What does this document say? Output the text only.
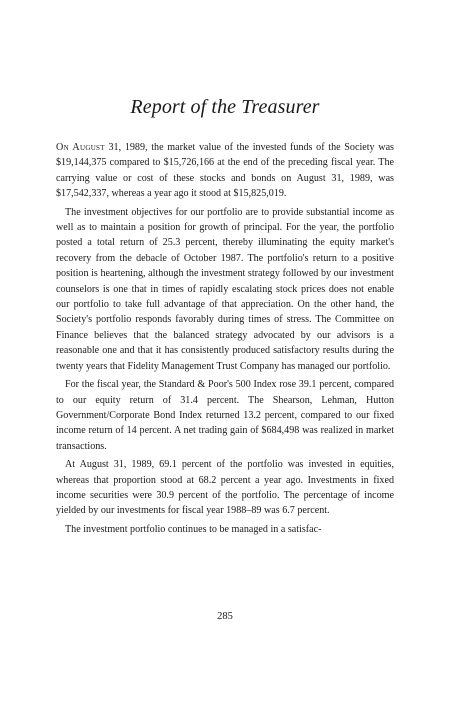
Report of the Treasurer

On August 31, 1989, the market value of the invested funds of the Society was $19,144,375 compared to $15,726,166 at the end of the preceding fiscal year. The carrying value or cost of these stocks and bonds on August 31, 1989, was $17,542,337, whereas a year ago it stood at $15,825,019.

The investment objectives for our portfolio are to provide substantial income as well as to maintain a position for growth of principal. For the year, the portfolio posted a total return of 25.3 percent, thereby illuminating the equity market's recovery from the debacle of October 1987. The portfolio's return to a positive position is heartening, although the investment strategy followed by our investment counselors is one that in times of rapidly escalating stock prices does not enable our portfolio to take full advantage of that appreciation. On the other hand, the Society's portfolio responds favorably during times of stress. The Committee on Finance believes that the balanced strategy advocated by our advisors is a reasonable one and that it has consistently produced satisfactory results during the twenty years that Fidelity Management Trust Company has managed our portfolio.

For the fiscal year, the Standard & Poor's 500 Index rose 39.1 percent, compared to our equity return of 31.4 percent. The Shearson, Lehman, Hutton Government/Corporate Bond Index returned 13.2 percent, compared to our fixed income return of 14 percent. A net trading gain of $684,498 was realized in market transactions.

At August 31, 1989, 69.1 percent of the portfolio was invested in equities, whereas that proportion stood at 68.2 percent a year ago. Investments in fixed income securities were 30.9 percent of the portfolio. The percentage of income yielded by our investments for fiscal year 1988–89 was 6.7 percent.

The investment portfolio continues to be managed in a satisfac-

285
